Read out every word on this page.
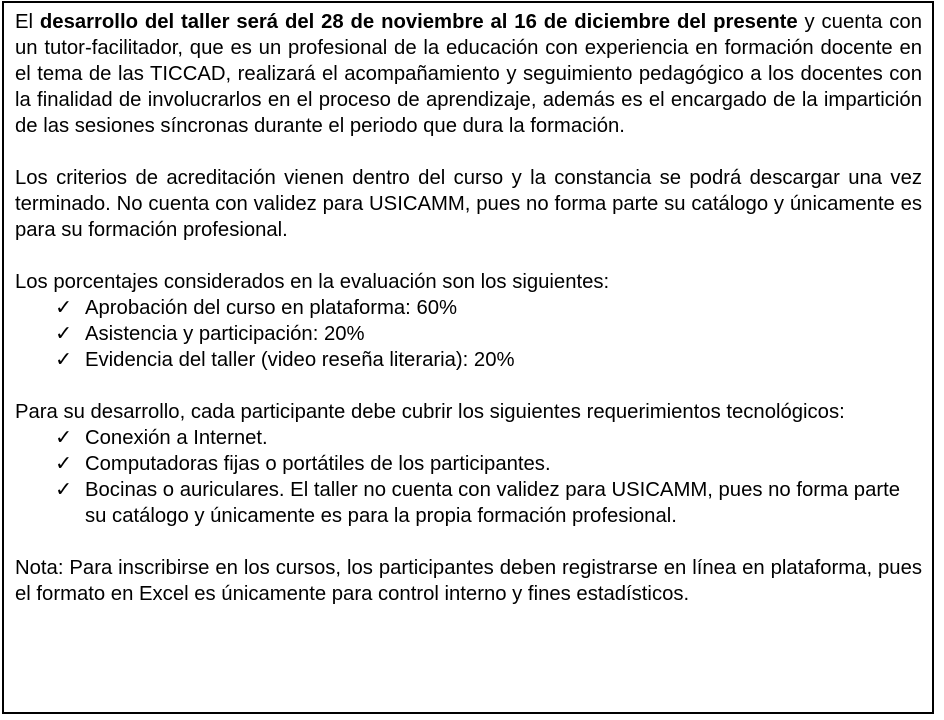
El desarrollo del taller será del 28 de noviembre al 16 de diciembre del presente y cuenta con un tutor-facilitador, que es un profesional de la educación con experiencia en formación docente en el tema de las TICCAD, realizará el acompañamiento y seguimiento pedagógico a los docentes con la finalidad de involucrarlos en el proceso de aprendizaje, además es el encargado de la impartición de las sesiones síncronas durante el periodo que dura la formación.

Los criterios de acreditación vienen dentro del curso y la constancia se podrá descargar una vez terminado. No cuenta con validez para USICAMM, pues no forma parte su catálogo y únicamente es para su formación profesional.

Los porcentajes considerados en la evaluación son los siguientes:

✓ Aprobación del curso en plataforma: 60%
✓ Asistencia y participación: 20%
✓ Evidencia del taller (video reseña literaria): 20%

Para su desarrollo, cada participante debe cubrir los siguientes requerimientos tecnológicos:

✓ Conexión a Internet.
✓ Computadoras fijas o portátiles de los participantes.
✓ Bocinas o auriculares. El taller no cuenta con validez para USICAMM, pues no forma parte su catálogo y únicamente es para la propia formación profesional.

Nota: Para inscribirse en los cursos, los participantes deben registrarse en línea en plataforma, pues el formato en Excel es únicamente para control interno y fines estadísticos.
